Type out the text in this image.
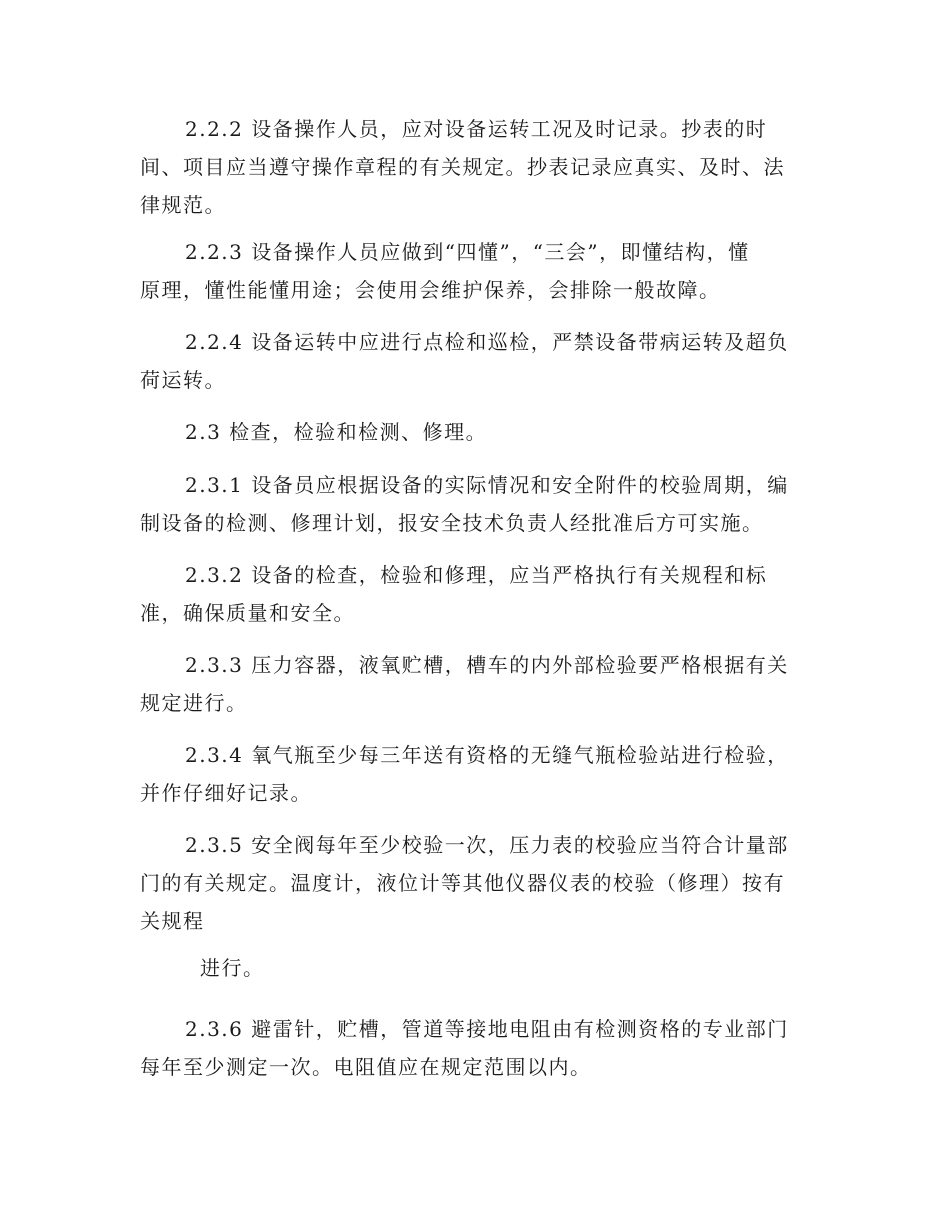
2.2.2 设备操作人员，应对设备运转工况及时记录。抄表的时
间、项目应当遵守操作章程的有关规定。抄表记录应真实、及时、法
律规范。

2.2.3 设备操作人员应做到“四懂”，“三会”，即懂结构，懂
原理，懂性能懂用途；会使用会维护保养，会排除一般故障。

2.2.4 设备运转中应进行点检和巡检，严禁设备带病运转及超负
荷运转。

2.3 检查，检验和检测、修理。

2.3.1 设备员应根据设备的实际情况和安全附件的校验周期，编
制设备的检测、修理计划，报安全技术负责人经批准后方可实施。

2.3.2 设备的检查，检验和修理，应当严格执行有关规程和标
准，确保质量和安全。

2.3.3 压力容器，液氧贮槽，槽车的内外部检验要严格根据有关
规定进行。

2.3.4 氧气瓶至少每三年送有资格的无缝气瓶检验站进行检验，
并作仔细好记录。

2.3.5 安全阀每年至少校验一次，压力表的校验应当符合计量部
门的有关规定。温度计，液位计等其他仪器仪表的校验（修理）按有
关规程

进行。

2.3.6 避雷针，贮槽，管道等接地电阻由有检测资格的专业部门
每年至少测定一次。电阻值应在规定范围以内。
